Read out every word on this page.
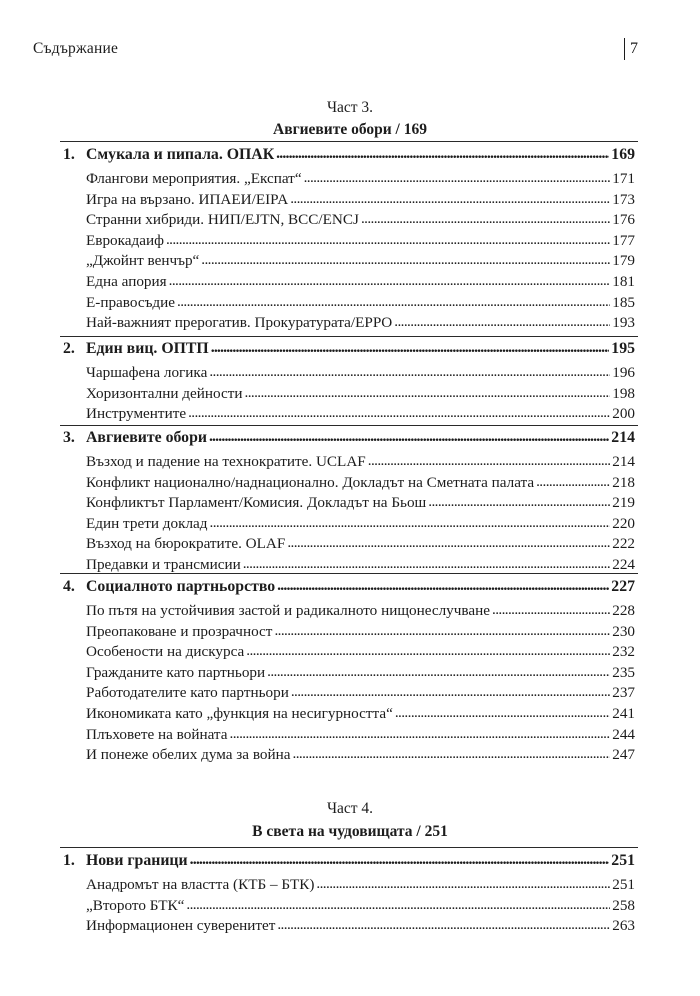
Съдържание	7
Част 3.
Авгиевите обори / 169
1. Смукала и пипала. ОПАК . . .	169
Флангови мероприятия. „Експат“ . . .	171
Игра на вързано. ИПАЕИ/EIPA . . .	173
Странни хибриди. НИП/EJTN, BCC/ENCJ . . .	176
Еврокадаиф . . .	177
„Джойнт венчър“ . . .	179
Една апория . . .	181
Е-правосъдие . . .	185
Най-важният прерогатив. Прокуратурата/EPPO . . .	193
2. Един виц. ОПТП . . .	195
Чаршафена логика . . .	196
Хоризонтални дейности . . .	198
Инструментите . . .	200
3. Авгиевите обори . . .	214
Възход и падение на технократите. UCLAF . . .	214
Конфликт национално/наднационално. Докладът на Сметната палата . . .	218
Конфликтът Парламент/Комисия. Докладът на Бьош . . .	219
Един трети доклад . . .	220
Възход на бюрократите. OLAF . . .	222
Предавки и трансмисии . . .	224
4. Социалното партньорство . . .	227
По пътя на устойчивия застой и радикалното нищонеслучване . . .	228
Преопаковане и прозрачност . . .	230
Особености на дискурса . . .	232
Гражданите като партньори . . .	235
Работодателите като партньори . . .	237
Икономиката като „функция на несигурността“ . . .	241
Плъховете на войната . . .	244
И понеже обелих дума за война . . .	247
Част 4.
В света на чудовищата / 251
1. Нови граници . . .	251
Анадромът на властта (КТБ – БТК) . . .	251
„Второто БТК“ . . .	258
Информационен суверенитет . . .	263
